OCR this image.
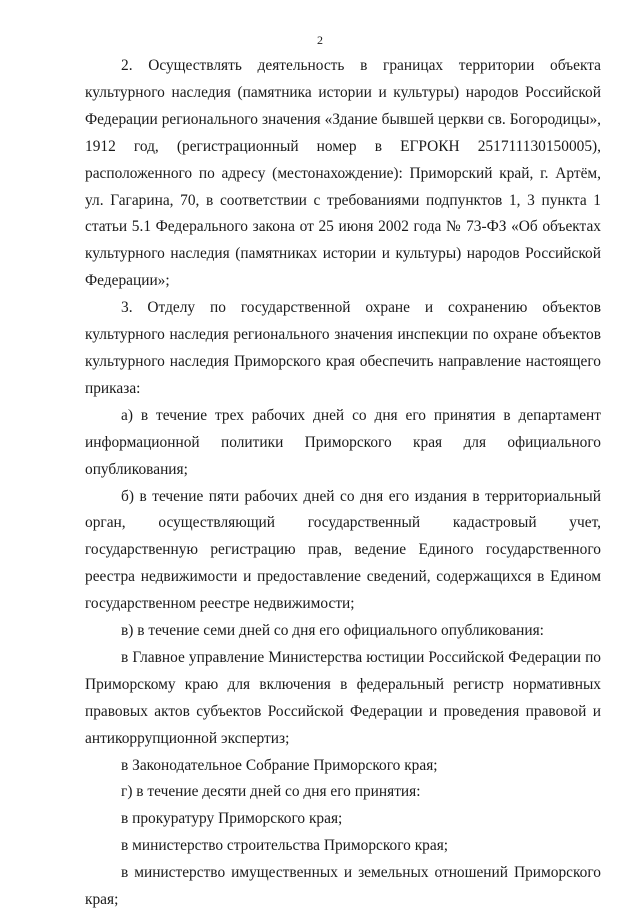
2

2. Осуществлять деятельность в границах территории объекта культурного наследия (памятника истории и культуры) народов Российской Федерации регионального значения «Здание бывшей церкви св. Богородицы», 1912 год, (регистрационный номер в ЕГРОКН 251711130150005), расположенного по адресу (местонахождение): Приморский край, г. Артём, ул. Гагарина, 70, в соответствии с требованиями подпунктов 1, 3 пункта 1 статьи 5.1 Федерального закона от 25 июня 2002 года № 73-ФЗ «Об объектах культурного наследия (памятниках истории и культуры) народов Российской Федерации»;

3. Отделу по государственной охране и сохранению объектов культурного наследия регионального значения инспекции по охране объектов культурного наследия Приморского края обеспечить направление настоящего приказа:

а) в течение трех рабочих дней со дня его принятия в департамент информационной политики Приморского края для официального опубликования;

б) в течение пяти рабочих дней со дня его издания в территориальный орган, осуществляющий государственный кадастровый учет, государственную регистрацию прав, ведение Единого государственного реестра недвижимости и предоставление сведений, содержащихся в Едином государственном реестре недвижимости;

в) в течение семи дней со дня его официального опубликования:

в Главное управление Министерства юстиции Российской Федерации по Приморскому краю для включения в федеральный регистр нормативных правовых актов субъектов Российской Федерации и проведения правовой и антикоррупционной экспертиз;

в Законодательное Собрание Приморского края;

г) в течение десяти дней со дня его принятия:

в прокуратуру Приморского края;

в министерство строительства Приморского края;

в министерство имущественных и земельных отношений Приморского края;
